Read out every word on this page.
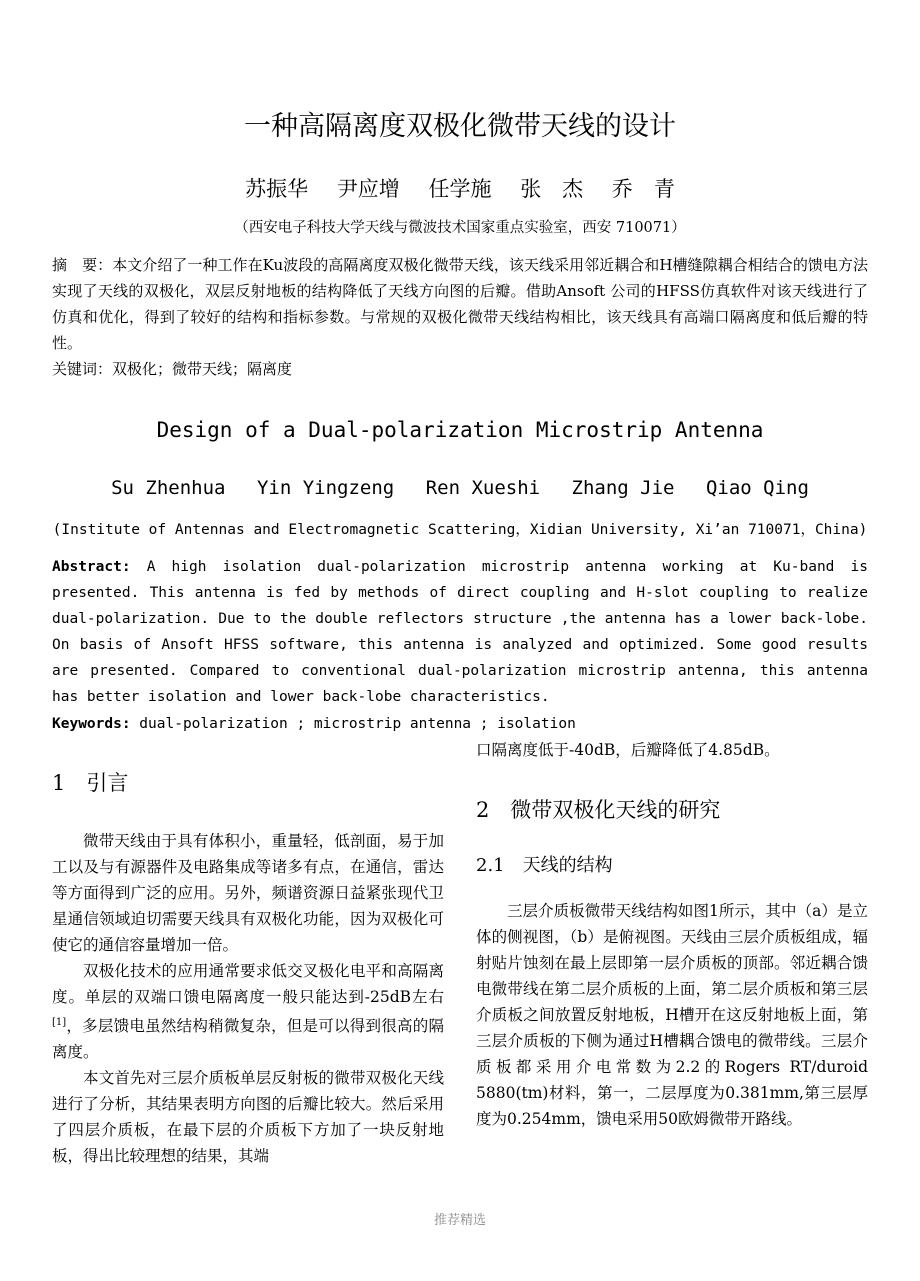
一种高隔离度双极化微带天线的设计
苏振华 尹应增 任学施 张　杰 乔　青
（西安电子科技大学天线与微波技术国家重点实验室，西安 710071）
摘　要：本文介绍了一种工作在Ku波段的高隔离度双极化微带天线，该天线采用邻近耦合和H槽缝隙耦合相结合的馈电方法实现了天线的双极化，双层反射地板的结构降低了天线方向图的后瓣。借助Ansoft 公司的HFSS仿真软件对该天线进行了仿真和优化，得到了较好的结构和指标参数。与常规的双极化微带天线结构相比，该天线具有高端口隔离度和低后瓣的特性。
关键词：双极化；微带天线；隔离度
Design of a Dual-polarization Microstrip Antenna
Su Zhenhua Yin Yingzeng Ren Xueshi Zhang Jie Qiao Qing
(Institute of Antennas and Electromagnetic Scattering，Xidian University, Xi’an 710071，China)
Abstract: A high isolation dual-polarization microstrip antenna working at Ku-band is presented. This antenna is fed by methods of direct coupling and H-slot coupling to realize dual-polarization. Due to the double reflectors structure ,the antenna has a lower back-lobe. On basis of Ansoft HFSS software, this antenna is analyzed and optimized. Some good results are presented. Compared to conventional dual-polarization microstrip antenna, this antenna has better isolation and lower back-lobe characteristics.
Keywords: dual-polarization ; microstrip antenna ; isolation
1　引言

微带天线由于具有体积小，重量轻，低剖面，易于加工以及与有源器件及电路集成等诸多有点，在通信，雷达等方面得到广泛的应用。另外，频谱资源日益紧张现代卫星通信领域迫切需要天线具有双极化功能，因为双极化可使它的通信容量增加一倍。

双极化技术的应用通常要求低交叉极化电平和高隔离度。单层的双端口馈电隔离度一般只能达到-25dB左右[1]，多层馈电虽然结构稍微复杂，但是可以得到很高的隔离度。

本文首先对三层介质板单层反射板的微带双极化天线进行了分析，其结果表明方向图的后瓣比较大。然后采用了四层介质板，在最下层的介质板下方加了一块反射地板，得出比较理想的结果，其端

口隔离度低于-40dB，后瓣降低了4.85dB。
2　微带双极化天线的研究
2.1　天线的结构

三层介质板微带天线结构如图1所示，其中（a）是立体的侧视图，（b）是俯视图。天线由三层介质板组成，辐射贴片蚀刻在最上层即第一层介质板的顶部。邻近耦合馈电微带线在第二层介质板的上面，第二层介质板和第三层介质板之间放置反射地板，H槽开在这反射地板上面，第三层介质板的下侧为通过H槽耦合馈电的微带线。三层介质板都采用介电常数为2.2的Rogers RT/duroid 5880(tm)材料，第一，二层厚度为0.381mm,第三层厚度为0.254mm，馈电采用50欧姆微带开路线。

推荐精选
